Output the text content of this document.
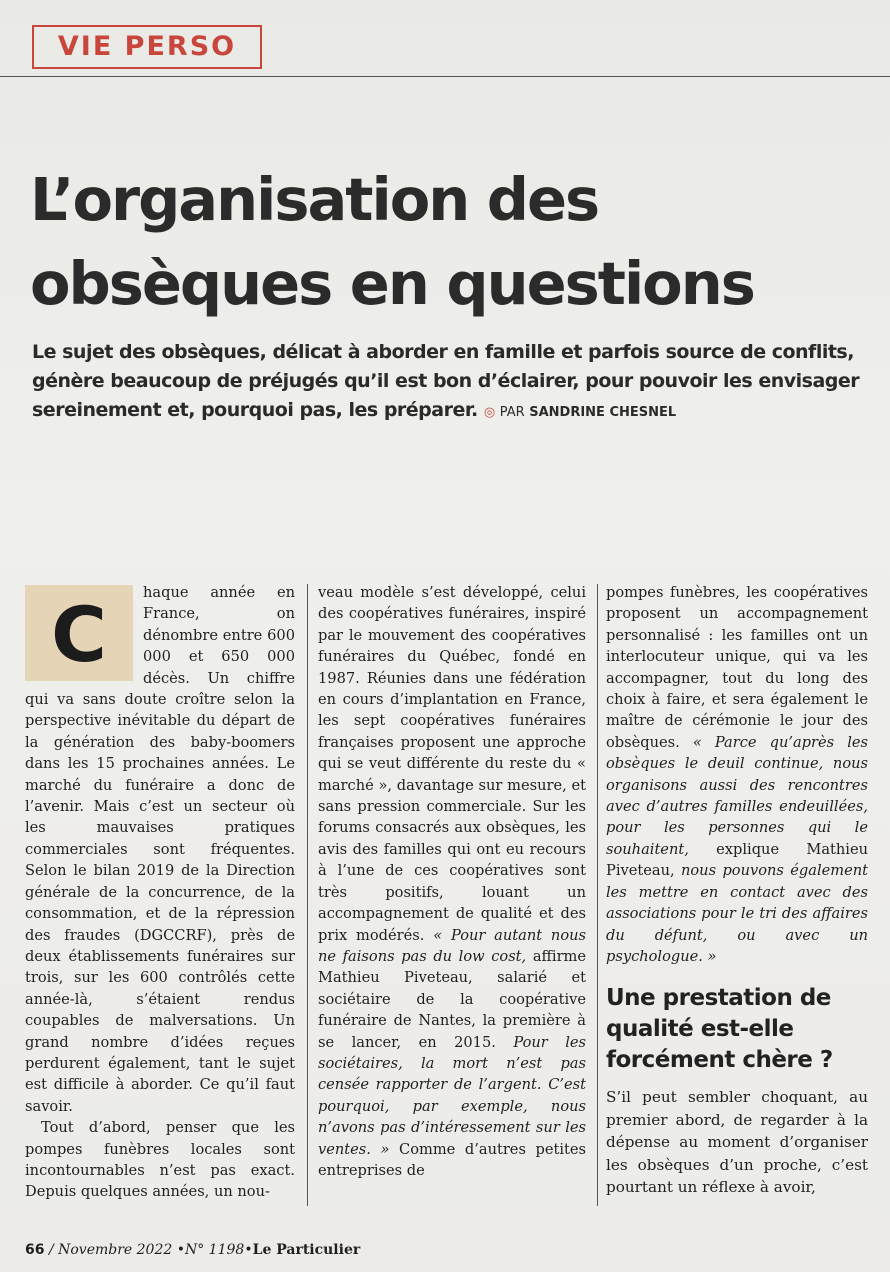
VIE PERSO
L’organisation des obsèques en questions

Le sujet des obsèques, délicat à aborder en famille et parfois source de conflits, génère beaucoup de préjugés qu’il est bon d’éclairer, pour pouvoir les envisager sereinement et, pourquoi pas, les préparer. ◎ PAR SANDRINE CHESNEL

C	haque année en France, on dénombre entre 600 000 et 650 000 décès. Un chiffre qui va sans doute croître selon la perspective inévitable du départ de la génération des baby-boomers dans les 15 prochaines années. Le marché du funéraire a donc de l’avenir. Mais c’est un secteur où les mauvaises pratiques commerciales sont fréquentes. Selon le bilan 2019 de la Direction générale de la concurrence, de la consommation, et de la répression des fraudes (DGCCRF), près de deux établissements funéraires sur trois, sur les 600 contrôlés cette année-là, s’étaient rendus coupables de malversations. Un grand nombre d’idées reçues perdurent également, tant le sujet est difficile à aborder. Ce qu’il faut savoir.

Tout d’abord, penser que les pompes funèbres locales sont incontournables n’est pas exact. Depuis quelques années, un nou-

veau modèle s’est développé, celui des coopératives funéraires, inspiré par le mouvement des coopératives funéraires du Québec, fondé en 1987. Réunies dans une fédération en cours d’implantation en France, les sept coopératives funéraires françaises proposent une approche qui se veut différente du reste du « marché », davantage sur mesure, et sans pression commerciale. Sur les forums consacrés aux obsèques, les avis des familles qui ont eu recours à l’une de ces coopératives sont très positifs, louant un accompagnement de qualité et des prix modérés. « Pour autant nous ne faisons pas du low cost, affirme Mathieu Piveteau, salarié et sociétaire de la coopérative funéraire de Nantes, la première à se lancer, en 2015. Pour les sociétaires, la mort n’est pas censée rapporter de l’argent. C’est pourquoi, par exemple, nous n’avons pas d’intéressement sur les ventes. » Comme d’autres petites entreprises de

pompes funèbres, les coopératives proposent un accompagnement personnalisé : les familles ont un interlocuteur unique, qui va les accompagner, tout du long des choix à faire, et sera également le maître de cérémonie le jour des obsèques. « Parce qu’après les obsèques le deuil continue, nous organisons aussi des rencontres avec d’autres familles endeuillées, pour les personnes qui le souhaitent, explique Mathieu Piveteau, nous pouvons également les mettre en contact avec des associations pour le tri des affaires du défunt, ou avec un psychologue. »

Une prestation de qualité est-elle forcément chère ?

S’il peut sembler choquant, au premier abord, de regarder à la dépense au moment d’organiser les obsèques d’un proche, c’est pourtant un réflexe à avoir,

66 / Novembre 2022 •N° 1198•Le Particulier
